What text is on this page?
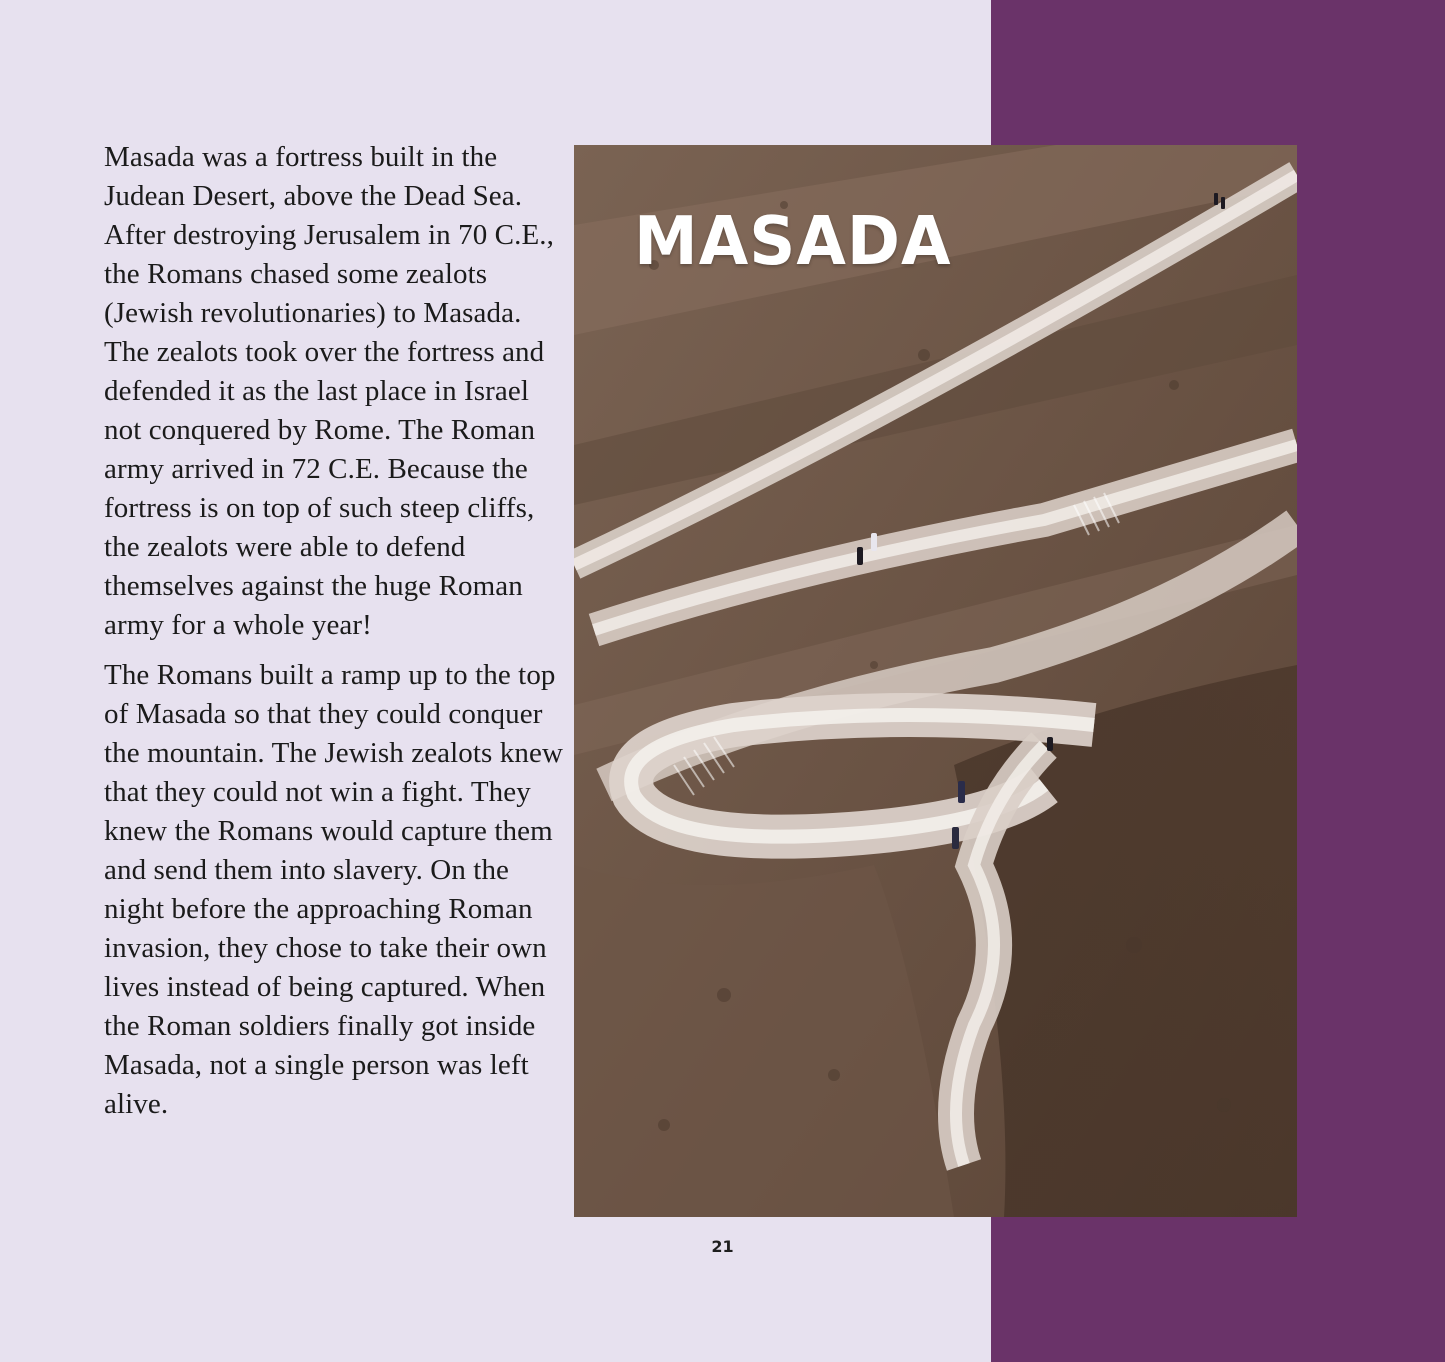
Masada was a fortress built in the Judean Desert, above the Dead Sea. After destroying Jerusalem in 70 C.E., the Romans chased some zealots (Jewish revolutionaries) to Masada. The zealots took over the fortress and defended it as the last place in Israel not conquered by Rome. The Roman army arrived in 72 C.E. Because the fortress is on top of such steep cliffs, the zealots were able to defend themselves against the huge Roman army for a whole year!

The Romans built a ramp up to the top of Masada so that they could conquer the mountain. The Jewish zealots knew that they could not win a fight. They knew the Romans would capture them and send them into slavery. On the night before the approaching Roman invasion, they chose to take their own lives instead of being captured. When the Roman soldiers finally got inside Masada, not a single person was left alive.

MASADA
21
